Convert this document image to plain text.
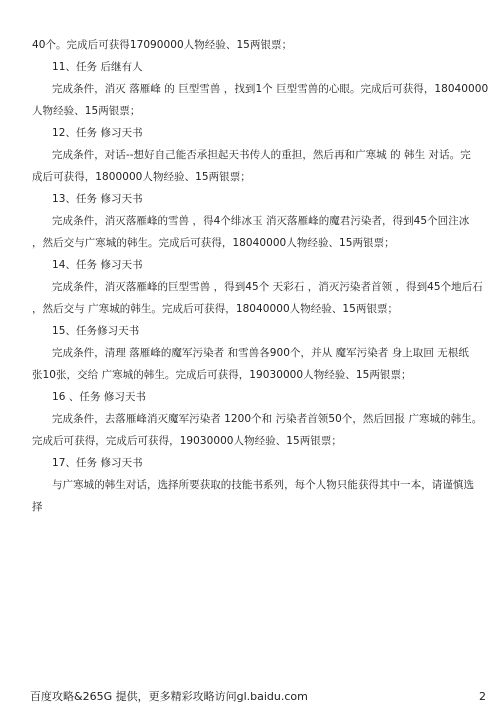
40个。完成后可获得17090000人物经验、15两银票；
11、任务 后继有人
完成条件，消灭 落雁峰 的 巨型雪兽 ，找到1个 巨型雪兽的心眼。完成后可获得，18040000
人物经验、15两银票；
12、任务 修习天书
完成条件，对话--想好自己能否承担起天书传人的重担，然后再和广寒城 的 韩生 对话。完
成后可获得，1800000人物经验、15两银票；
13、任务 修习天书
完成条件，消灭落雁峰的雪兽 ，得4个绯冰玉 消灭落雁峰的魔君污染者，得到45个回注冰
，然后交与广寒城的韩生。完成后可获得，18040000人物经验、15两银票；
14、任务 修习天书
完成条件，消灭落雁峰的巨型雪兽 ，得到45个 天彩石 ，消灭污染者首领 ，得到45个地后石
，然后交与 广寒城的韩生。完成后可获得，18040000人物经验、15两银票；
15、任务修习天书
完成条件，清理 落雁峰的魔军污染者 和雪兽各900个，并从 魔军污染者 身上取回 无根纸
张10张，交给 广寒城的韩生。完成后可获得，19030000人物经验、15两银票；
16 、任务 修习天书
完成条件，去落雁峰消灭魔军污染者 1200个和 污染者首领50个，然后回报 广寒城的韩生。
完成后可获得，完成后可获得，19030000人物经验、15两银票；
17、任务 修习天书
与广寒城的韩生对话，选择所要获取的技能书系列，每个人物只能获得其中一本，请谨慎选
择
百度攻略&265G 提供，更多精彩攻略访问gl.baidu.com	2
